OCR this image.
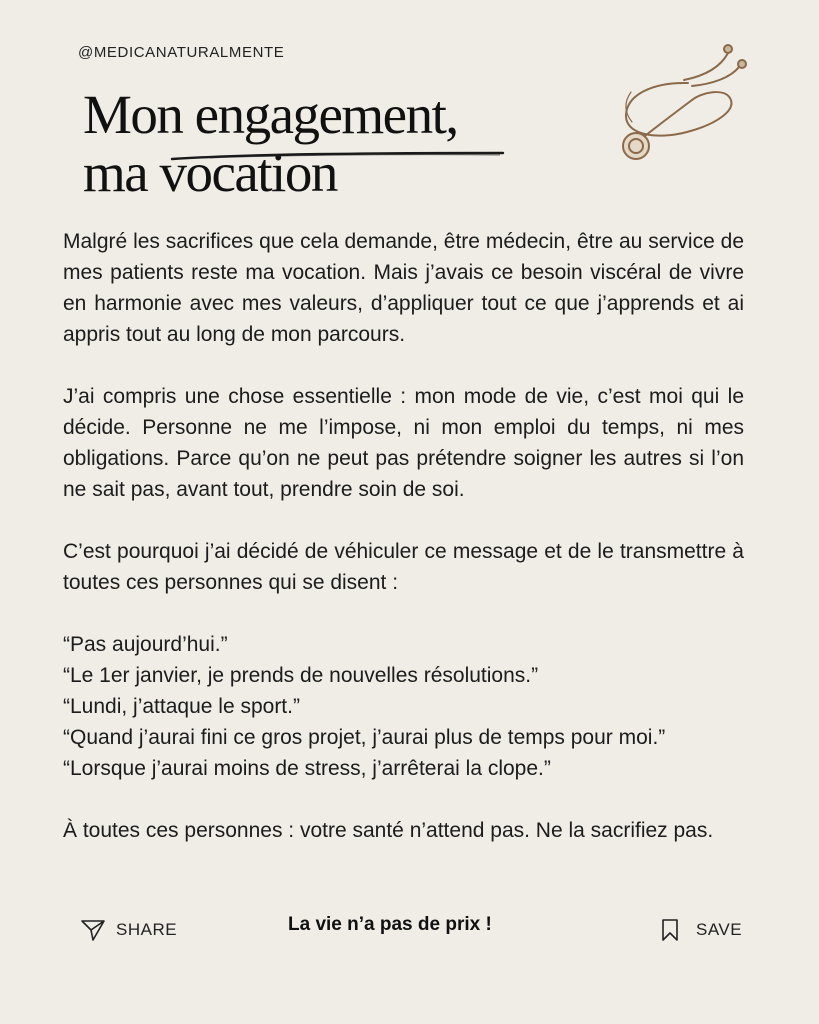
@MEDICANATURALMENTE
Mon engagement,
ma vocation

Malgré les sacrifices que cela demande, être médecin, être au service de mes patients reste ma vocation. Mais j’avais ce besoin viscéral de vivre en harmonie avec mes valeurs, d’appliquer tout ce que j’apprends et ai appris tout au long de mon parcours.

J’ai compris une chose essentielle : mon mode de vie, c’est moi qui le décide. Personne ne me l’impose, ni mon emploi du temps, ni mes obligations. Parce qu’on ne peut pas prétendre soigner les autres si l’on ne sait pas, avant tout, prendre soin de soi.

C’est pourquoi j’ai décidé de véhiculer ce message et de le transmettre à toutes ces personnes qui se disent :

“Pas aujourd’hui.”
“Le 1er janvier, je prends de nouvelles résolutions.”
“Lundi, j’attaque le sport.”
“Quand j’aurai fini ce gros projet, j’aurai plus de temps pour moi.”
“Lorsque j’aurai moins de stress, j’arrêterai la clope.”

À toutes ces personnes : votre santé n’attend pas. Ne la sacrifiez pas.

SHARE	La vie n’a pas de prix !	SAVE
